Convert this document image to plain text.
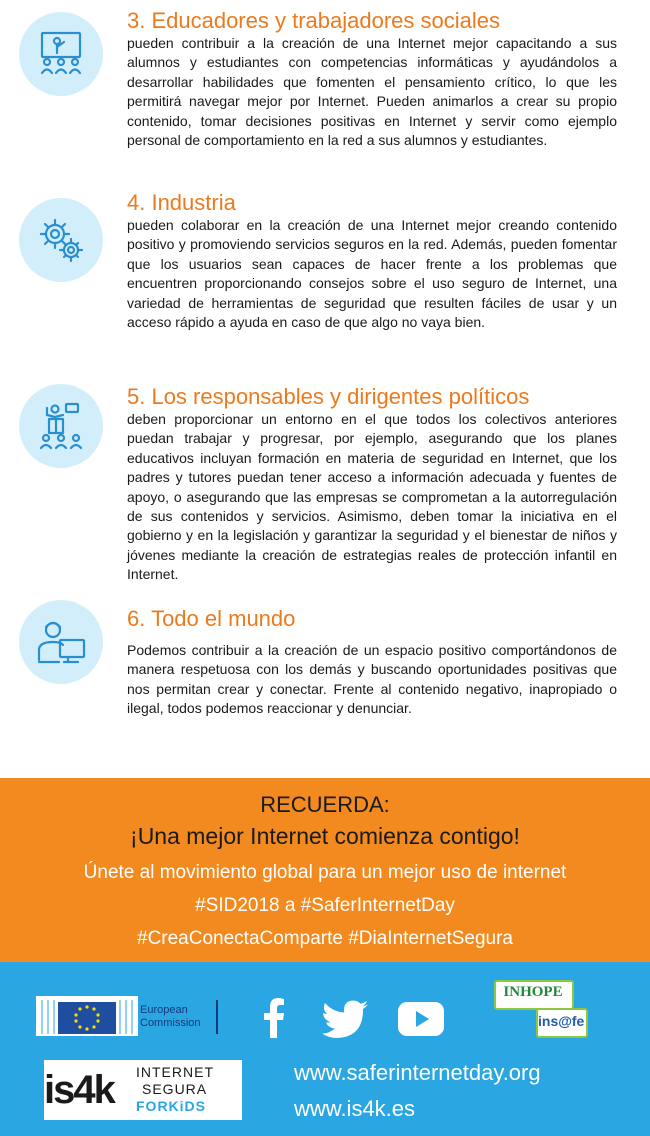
3. Educadores y trabajadores sociales

pueden contribuir a la creación de una Internet mejor capacitando a sus alumnos y estudiantes con competencias informáticas y ayudándolos a desarrollar habilidades que fomenten el pensamiento crítico, lo que les permitirá navegar mejor por Internet. Pueden animarlos a crear su propio contenido, tomar decisiones positivas en Internet y servir como ejemplo personal de comportamiento en la red a sus alumnos y estudiantes.

4. Industria

pueden colaborar en la creación de una Internet mejor creando contenido positivo y promoviendo servicios seguros en la red. Además, pueden fomentar que los usuarios sean capaces de hacer frente a los problemas que encuentren proporcionando consejos sobre el uso seguro de Internet, una variedad de herramientas de seguridad que resulten fáciles de usar y un acceso rápido a ayuda en caso de que algo no vaya bien.

5. Los responsables y dirigentes políticos

deben proporcionar un entorno en el que todos los colectivos anteriores puedan trabajar y progresar, por ejemplo, asegurando que los planes educativos incluyan formación en materia de seguridad en Internet, que los padres y tutores puedan tener acceso a información adecuada y fuentes de apoyo, o asegurando que las empresas se comprometan a la autorregulación de sus contenidos y servicios. Asimismo, deben tomar la iniciativa en el gobierno y en la legislación y garantizar la seguridad y el bienestar de niños y jóvenes mediante la creación de estrategias reales de protección infantil en Internet.

6. Todo el mundo

Podemos contribuir a la creación de un espacio positivo comportándonos de manera respetuosa con los demás y buscando oportunidades positivas que nos permitan crear y conectar. Frente al contenido negativo, inapropiado o ilegal, todos podemos reaccionar y denunciar.

RECUERDA:
¡Una mejor Internet comienza contigo!
Únete al movimiento global para un mejor uso de internet
#SID2018 a #SaferInternetDay
#CreaConectaComparte #DiaInternetSegura
European
Commission
INHOPE
ins@fe
is4k INTERNET
SEGURA
FORKiDS
www.saferinternetday.org
www.is4k.es
